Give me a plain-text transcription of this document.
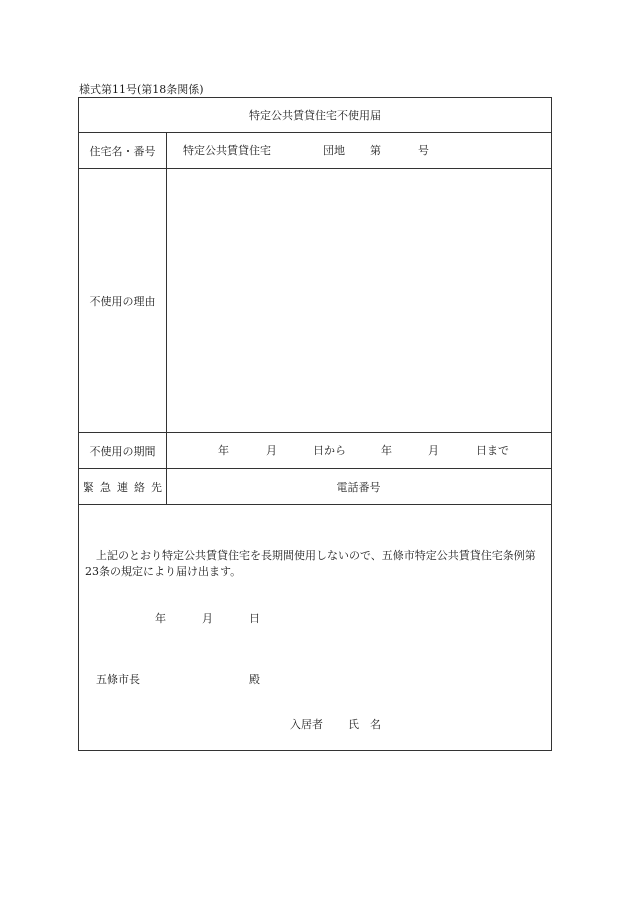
様式第11号(第18条関係)
特定公共賃貸住宅不使用届
住宅名・番号	特定公共賃貸住宅	団地 第	号
不使用の理由
不使用の期間	年	月	日から	年	月	日まで
緊急連絡先	電話番号
上記のとおり特定公共賃貸住宅を長期間使用しないので、五條市特定公共賃貸住宅条例第23条の規定により届け出ます。
年	月	日
五條市長	殿
入居者 氏　名
